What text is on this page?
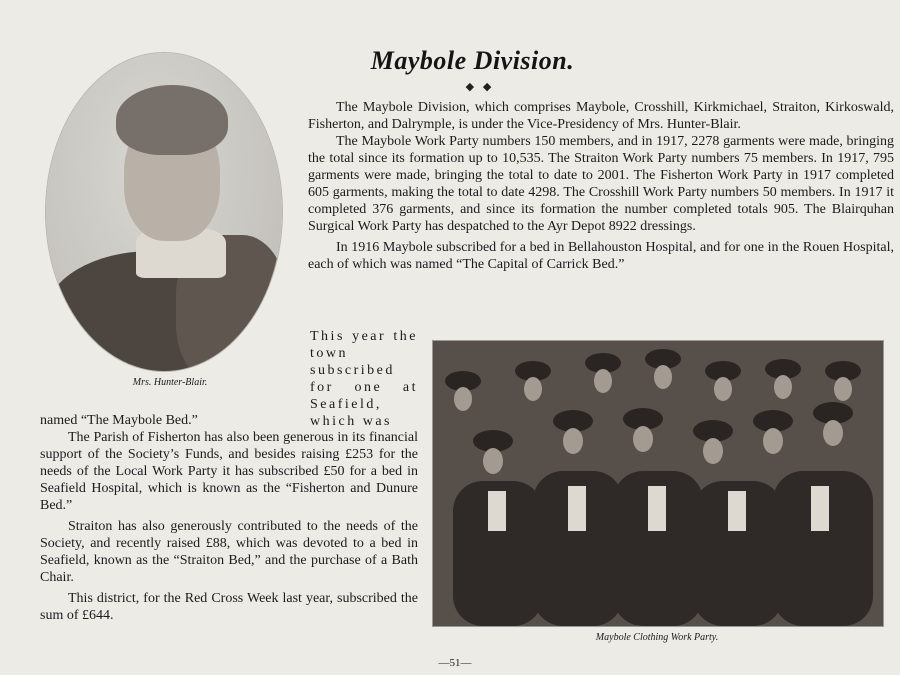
Maybole Division.
◆ ◆
Mrs. Hunter-Blair.

The Maybole Division, which comprises Maybole, Crosshill, Kirkmichael, Straiton, Kirkoswald, Fisherton, and Dalrymple, is under the Vice-Presidency of Mrs. Hunter-Blair.

The Maybole Work Party numbers 150 members, and in 1917, 2278 garments were made, bringing the total since its formation up to 10,535. The Straiton Work Party numbers 75 members. In 1917, 795 garments were made, bringing the total to date to 2001. The Fisherton Work Party in 1917 completed 605 garments, making the total to date 4298. The Crosshill Work Party numbers 50 members. In 1917 it completed 376 garments, and since its formation the number completed totals 905. The Blairquhan Surgical Work Party has despatched to the Ayr Depot 8922 dressings.

In 1916 Maybole subscribed for a bed in Bellahouston Hospital, and for one in the Rouen Hospital, each of which was named “The Capital of Carrick Bed.”

This year the town subscribed for one at Seafield, which was

named “The Maybole Bed.”

The Parish of Fisherton has also been generous in its financial support of the Society’s Funds, and besides raising £253 for the needs of the Local Work Party it has subscribed £50 for a bed in Seafield Hospital, which is known as the “Fisherton and Dunure Bed.”

Straiton has also generously contributed to the needs of the Society, and recently raised £88, which was devoted to a bed in Seafield, known as the “Straiton Bed,” and the purchase of a Bath Chair.

This district, for the Red Cross Week last year, subscribed the sum of £644.

Maybole Clothing Work Party.
—51—
